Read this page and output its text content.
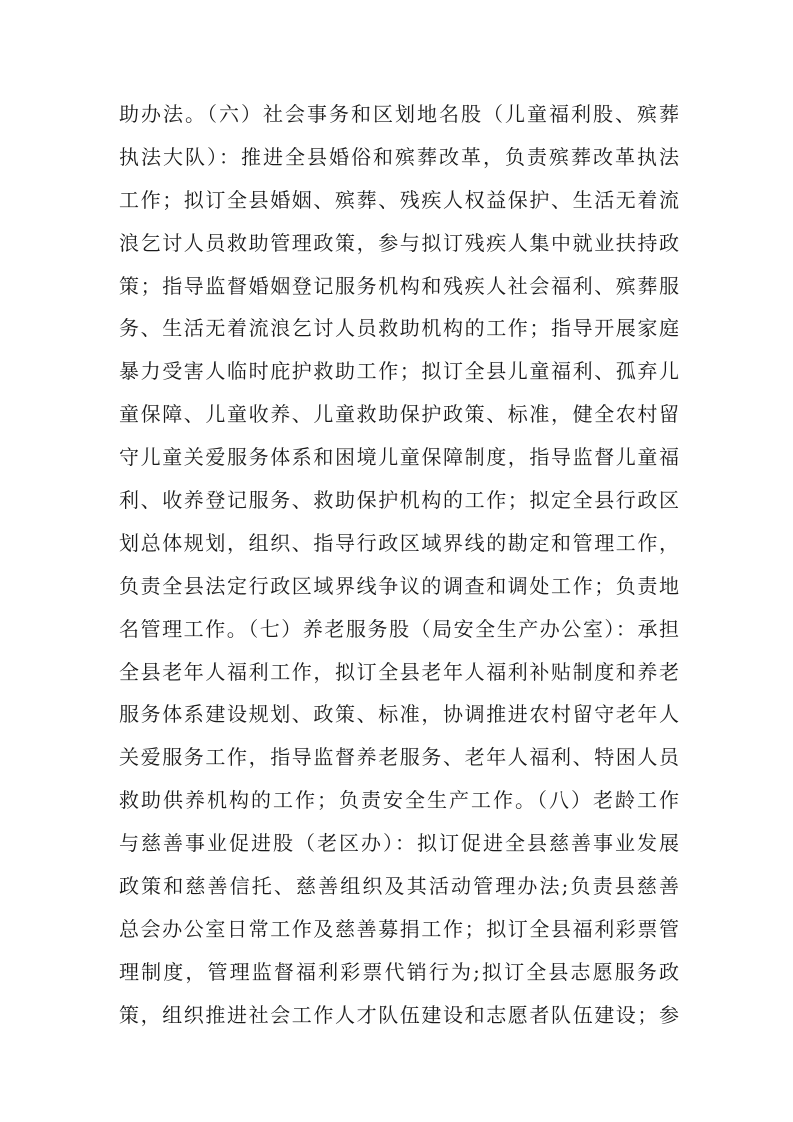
助办法。（六）社会事务和区划地名股（儿童福利股、殡葬
执法大队）：推进全县婚俗和殡葬改革，负责殡葬改革执法
工作；拟订全县婚姻、殡葬、残疾人权益保护、生活无着流
浪乞讨人员救助管理政策，参与拟订残疾人集中就业扶持政
策；指导监督婚姻登记服务机构和残疾人社会福利、殡葬服
务、生活无着流浪乞讨人员救助机构的工作；指导开展家庭
暴力受害人临时庇护救助工作；拟订全县儿童福利、孤弃儿
童保障、儿童收养、儿童救助保护政策、标准，健全农村留
守儿童关爱服务体系和困境儿童保障制度，指导监督儿童福
利、收养登记服务、救助保护机构的工作；拟定全县行政区
划总体规划，组织、指导行政区域界线的勘定和管理工作，
负责全县法定行政区域界线争议的调查和调处工作；负责地
名管理工作。（七）养老服务股（局安全生产办公室）：承担
全县老年人福利工作，拟订全县老年人福利补贴制度和养老
服务体系建设规划、政策、标准，协调推进农村留守老年人
关爱服务工作，指导监督养老服务、老年人福利、特困人员
救助供养机构的工作；负责安全生产工作。（八）老龄工作
与慈善事业促进股（老区办）：拟订促进全县慈善事业发展
政策和慈善信托、慈善组织及其活动管理办法;负责县慈善
总会办公室日常工作及慈善募捐工作；拟订全县福利彩票管
理制度，管理监督福利彩票代销行为;拟订全县志愿服务政
策，组织推进社会工作人才队伍建设和志愿者队伍建设；参
